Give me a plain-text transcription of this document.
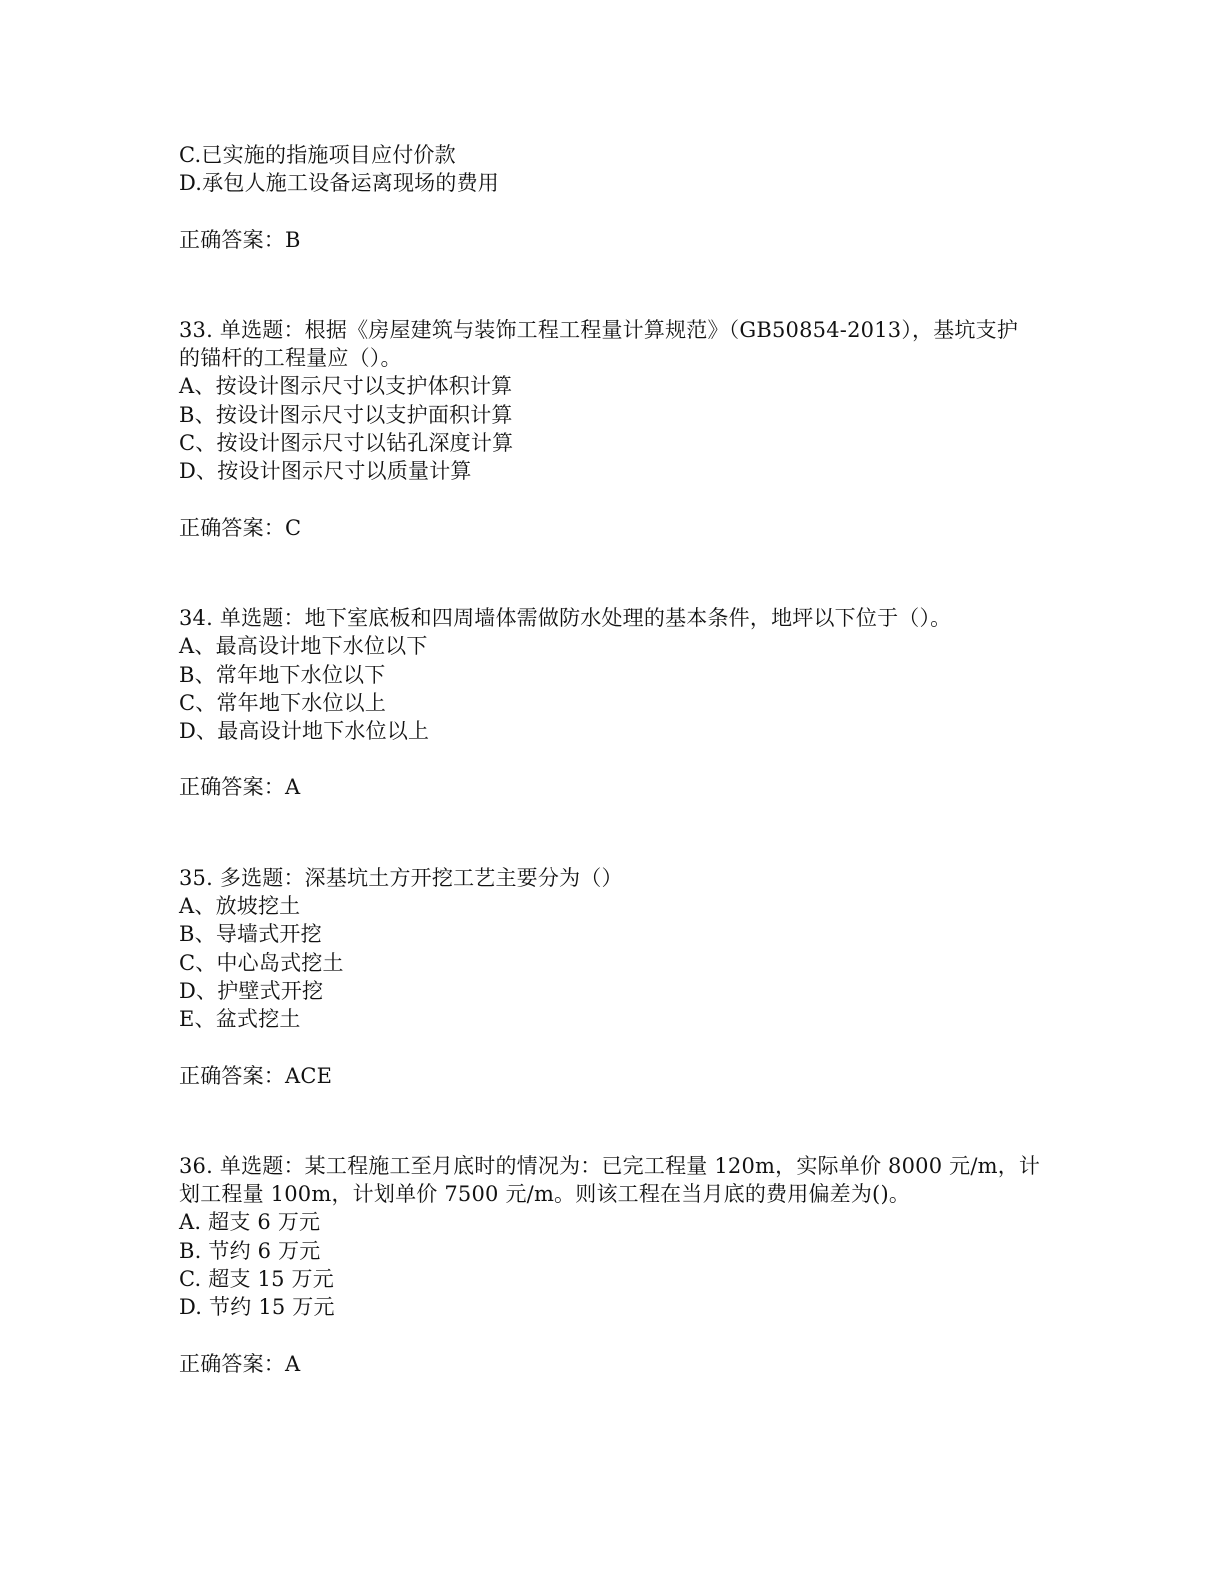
C.已实施的指施项目应付价款
D.承包人施工设备运离现场的费用
正确答案：B
33. 单选题：根据《房屋建筑与装饰工程工程量计算规范》（GB50854-2013），基坑支护
的锚杆的工程量应（）。
A、按设计图示尺寸以支护体积计算
B、按设计图示尺寸以支护面积计算
C、按设计图示尺寸以钻孔深度计算
D、按设计图示尺寸以质量计算
正确答案：C
34. 单选题：地下室底板和四周墙体需做防水处理的基本条件，地坪以下位于（）。
A、最高设计地下水位以下
B、常年地下水位以下
C、常年地下水位以上
D、最高设计地下水位以上
正确答案：A
35. 多选题：深基坑土方开挖工艺主要分为（）
A、放坡挖土
B、导墙式开挖
C、中心岛式挖土
D、护壁式开挖
E、盆式挖土
正确答案：ACE
36. 单选题：某工程施工至月底时的情况为：已完工程量 120m，实际单价 8000 元/m，计
划工程量 100m，计划单价 7500 元/m。则该工程在当月底的费用偏差为()。
A. 超支 6 万元
B. 节约 6 万元
C. 超支 15 万元
D. 节约 15 万元
正确答案：A
